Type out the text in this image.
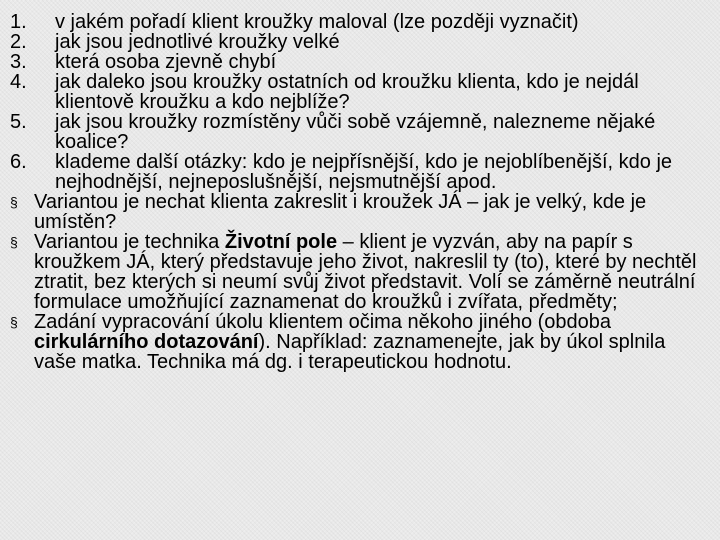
1.	v jakém pořadí klient kroužky maloval (lze později vyznačit)
2.	jak jsou jednotlivé kroužky velké
3.	která osoba zjevně chybí
4.	jak daleko jsou kroužky ostatních od kroužku klienta, kdo je nejdál klientově kroužku a kdo nejblíže?
5.	jak jsou kroužky rozmístěny vůči sobě vzájemně, nalezneme nějaké koalice?
6.	klademe další otázky: kdo je nejpřísnější, kdo je nejoblíbenější, kdo je nejhodnější, nejneposlušnější, nejsmutnější apod.
§ Variantou je nechat klienta zakreslit i kroužek JÁ – jak je velký, kde je umístěn?
§ Variantou je technika Životní pole – klient je vyzván, aby na papír s kroužkem JÁ, který představuje jeho život, nakreslil ty (to), které by nechtěl ztratit, bez kterých si neumí svůj život představit. Volí se záměrně neutrální formulace umožňující zaznamenat do kroužků i zvířata, předměty;
§ Zadání vypracování úkolu klientem očima někoho jiného (obdoba cirkulárního dotazování). Například: zaznamenejte, jak by úkol splnila vaše matka. Technika má dg. i terapeutickou hodnotu.
